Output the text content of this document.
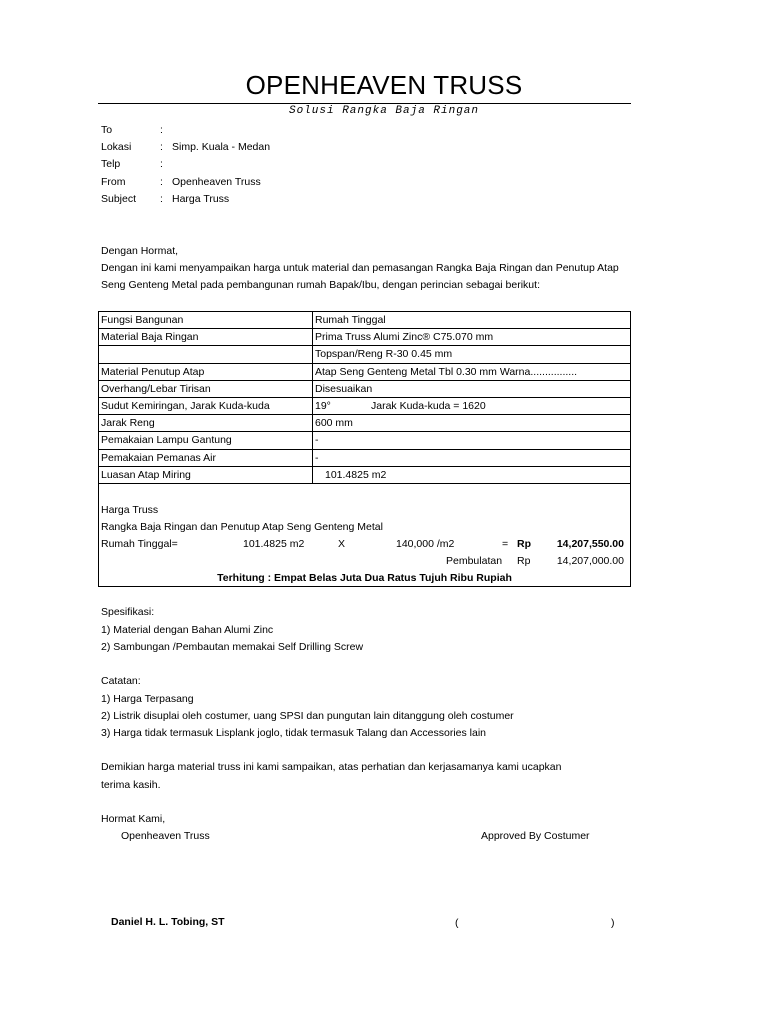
OPENHEAVEN TRUSS
Solusi Rangka Baja Ringan
To	:
Lokasi	: Simp. Kuala - Medan
Telp	:
From	: Openheaven Truss
Subject : Harga Truss
Dengan Hormat,
Dengan ini kami menyampaikan harga untuk material dan pemasangan Rangka Baja Ringan dan Penutup Atap
Seng Genteng Metal pada pembangunan rumah Bapak/Ibu, dengan perincian sebagai berikut:
Fungsi Bangunan	Rumah Tinggal
Material Baja Ringan	Prima Truss Alumi Zinc® C75.070 mm
	Topspan/Reng R-30 0.45 mm
Material Penutup Atap	Atap Seng Genteng Metal Tbl 0.30 mm Warna................
Overhang/Lebar Tirisan	Disesuaikan
Sudut Kemiringan, Jarak Kuda-kuda	19° Jarak Kuda-kuda = 1620
Jarak Reng	600 mm
Pemakaian Lampu Gantung	-
Pemakaian Pemanas Air	-
Luasan Atap Miring	101.4825 m2
Harga Truss
Rangka Baja Ringan dan Penutup Atap Seng Genteng Metal
Rumah Tinggal=	101.4825 m2	X	140,000 /m2	= Rp	14,207,550.00
Pembulatan Rp	14,207,000.00
Terhitung : Empat Belas Juta Dua Ratus Tujuh Ribu Rupiah
Spesifikasi:
1) Material dengan Bahan Alumi Zinc
2) Sambungan /Pembautan memakai Self Drilling Screw
Catatan:
1) Harga Terpasang
2) Listrik disuplai oleh costumer, uang SPSI dan pungutan lain ditanggung oleh costumer
3) Harga tidak termasuk Lisplank joglo, tidak termasuk Talang dan Accessories lain
Demikian harga material truss ini kami sampaikan, atas perhatian dan kerjasamanya kami ucapkan
terima kasih.
Hormat Kami,
Openheaven Truss	Approved By Costumer
Daniel H. L. Tobing, ST	(	)
